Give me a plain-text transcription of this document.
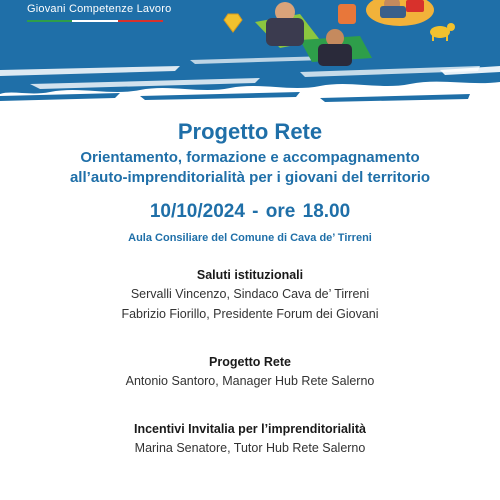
Giovani Competenze Lavoro
Progetto Rete
Orientamento, formazione e accompagnamento
all’auto-imprenditorialità per i giovani del territorio
10/10/2024 - ore 18.00
Aula Consiliare del Comune di Cava de’ Tirreni
Saluti istituzionali
Servalli Vincenzo, Sindaco Cava de’ Tirreni
Fabrizio Fiorillo, Presidente Forum dei Giovani
Progetto Rete
Antonio Santoro, Manager Hub Rete Salerno
Incentivi Invitalia per l’imprenditorialità
Marina Senatore, Tutor Hub Rete Salerno
